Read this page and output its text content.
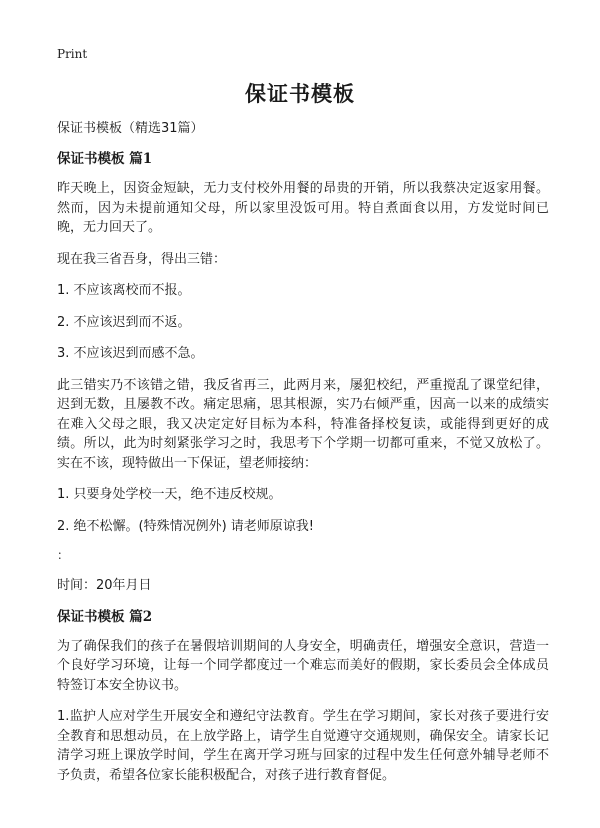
Print
保证书模板
保证书模板（精选31篇）
保证书模板 篇1
昨天晚上，因资金短缺，无力支付校外用餐的昂贵的开销，所以我蔡决定返家用餐。然而，因为未提前通知父母，所以家里没饭可用。特自煮面食以用，方发觉时间已晚，无力回天了。
现在我三省吾身，得出三错：
1. 不应该离校而不报。
2. 不应该迟到而不返。
3. 不应该迟到而感不急。
此三错实乃不该错之错，我反省再三，此两月来，屡犯校纪，严重搅乱了课堂纪律，迟到无数，且屡教不改。痛定思痛，思其根源，实乃右倾严重，因高一以来的成绩实在难入父母之眼，我又决定定好目标为本科，特准备择校复读，或能得到更好的成绩。所以，此为时刻紧张学习之时，我思考下个学期一切都可重来，不觉又放松了。实在不该，现特做出一下保证，望老师接纳：
1. 只要身处学校一天，绝不违反校规。
2. 绝不松懈。(特殊情况例外) 请老师原谅我!
：
时间：20年月日
保证书模板 篇2
为了确保我们的孩子在暑假培训期间的人身安全，明确责任，增强安全意识，营造一个良好学习环境，让每一个同学都度过一个难忘而美好的假期，家长委员会全体成员特签订本安全协议书。
1.监护人应对学生开展安全和遵纪守法教育。学生在学习期间，家长对孩子要进行安全教育和思想动员，在上放学路上，请学生自觉遵守交通规则，确保安全。请家长记清学习班上课放学时间，学生在离开学习班与回家的过程中发生任何意外辅导老师不予负责，希望各位家长能积极配合，对孩子进行教育督促。
